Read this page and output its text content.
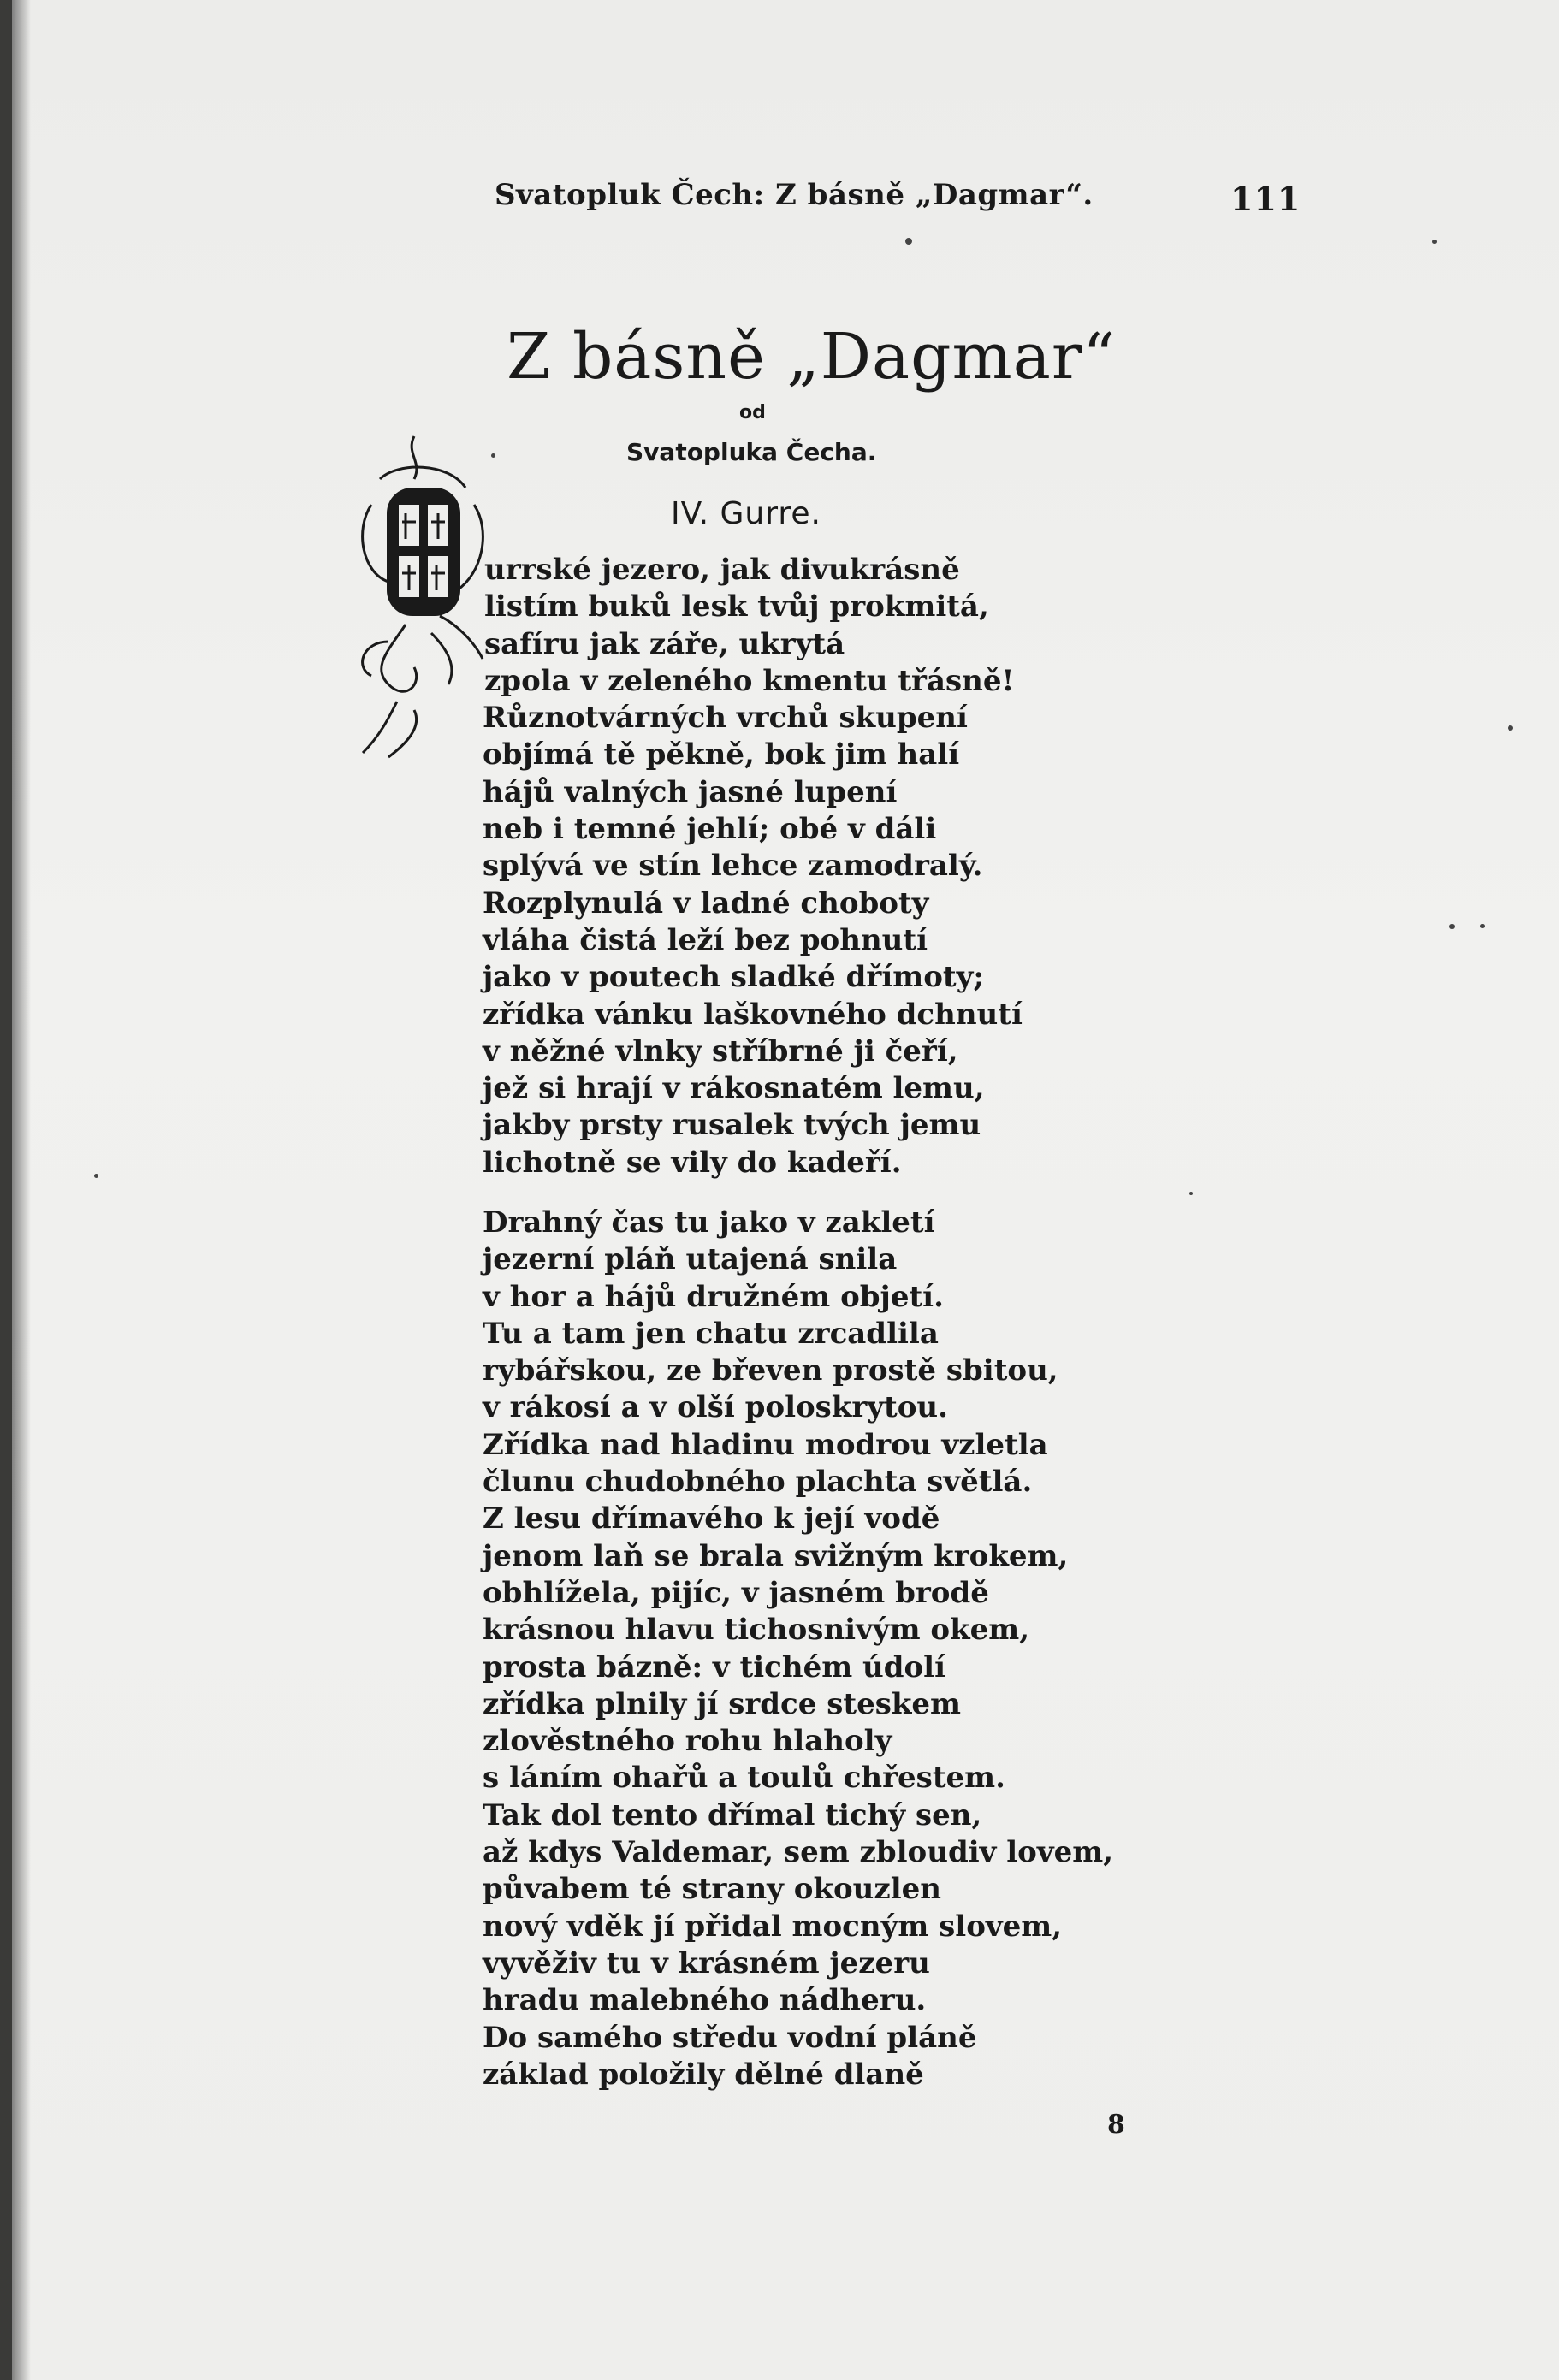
Svatopluk Čech: Z básně „Dagmar“.	111
Z básně „Dagmar“
od
Svatopluka Čecha.
IV. Gurre.
urrské jezero, jak divukrásně
listím buků lesk tvůj prokmitá,
safíru jak záře, ukrytá
zpola v zeleného kmentu třásně!
Různotvárných vrchů skupení
objímá tě pěkně, bok jim halí
hájů valných jasné lupení
neb i temné jehlí; obé v dáli
splývá ve stín lehce zamodralý.
Rozplynulá v ladné choboty
vláha čistá leží bez pohnutí
jako v poutech sladké dřímoty;
zřídka vánku laškovného dchnutí
v něžné vlnky stříbrné ji čeří,
jež si hrají v rákosnatém lemu,
jakby prsty rusalek tvých jemu
lichotně se vily do kadeří.
Drahný čas tu jako v zakletí
jezerní pláň utajená snila
v hor a hájů družném objetí.
Tu a tam jen chatu zrcadlila
rybářskou, ze břeven prostě sbitou,
v rákosí a v olší poloskrytou.
Zřídka nad hladinu modrou vzletla
člunu chudobného plachta světlá.
Z lesu dřímavého k její vodě
jenom laň se brala svižným krokem,
obhlížela, pijíc, v jasném brodě
krásnou hlavu tichosnivým okem,
prosta bázně: v tichém údolí
zřídka plnily jí srdce steskem
zlověstného rohu hlaholy
s láním ohařů a toulů chřestem.
Tak dol tento dřímal tichý sen,
až kdys Valdemar, sem zbloudiv lovem,
půvabem té strany okouzlen
nový vděk jí přidal mocným slovem,
vyvěživ tu v krásném jezeru
hradu malebného nádheru.
Do samého středu vodní pláně
základ položily dělné dlaně
8
